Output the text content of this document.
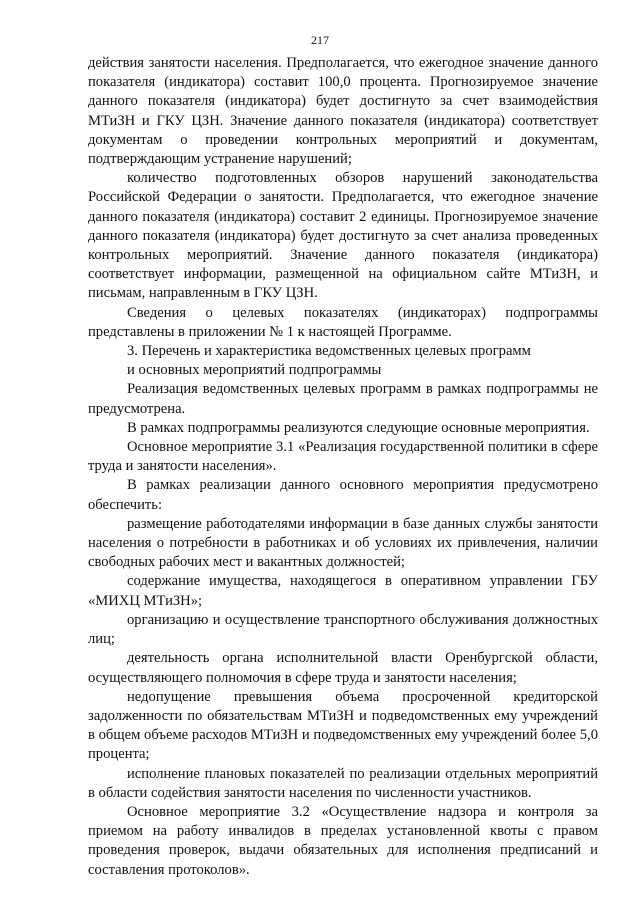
217

действия занятости населения. Предполагается, что ежегодное значение данного показателя (индикатора) составит 100,0 процента. Прогнозируемое значение данного показателя (индикатора) будет достигнуто за счет взаимодействия МТиЗН и ГКУ ЦЗН. Значение данного показателя (индикатора) соответствует документам о проведении контрольных мероприятий и документам, подтверждающим устранение нарушений;

количество подготовленных обзоров нарушений законодательства Российской Федерации о занятости. Предполагается, что ежегодное значение данного показателя (индикатора) составит 2 единицы. Прогнозируемое значение данного показателя (индикатора) будет достигнуто за счет анализа проведенных контрольных мероприятий. Значение данного показателя (индикатора) соответствует информации, размещенной на официальном сайте МТиЗН, и письмам, направленным в ГКУ ЦЗН.

Сведения о целевых показателях (индикаторах) подпрограммы представлены в приложении № 1 к настоящей Программе.

3. Перечень и характеристика ведомственных целевых программ
и основных мероприятий подпрограммы

Реализация ведомственных целевых программ в рамках подпрограммы не предусмотрена.

В рамках подпрограммы реализуются следующие основные мероприятия.

Основное мероприятие 3.1 «Реализация государственной политики в сфере труда и занятости населения».

В рамках реализации данного основного мероприятия предусмотрено обеспечить:

размещение работодателями информации в базе данных службы занятости населения о потребности в работниках и об условиях их привлечения, наличии свободных рабочих мест и вакантных должностей;

содержание имущества, находящегося в оперативном управлении ГБУ «МИХЦ МТиЗН»;

организацию и осуществление транспортного обслуживания должностных лиц;

деятельность органа исполнительной власти Оренбургской области, осуществляющего полномочия в сфере труда и занятости населения;

недопущение превышения объема просроченной кредиторской задолженности по обязательствам МТиЗН и подведомственных ему учреждений в общем объеме расходов МТиЗН и подведомственных ему учреждений более 5,0 процента;

исполнение плановых показателей по реализации отдельных мероприятий в области содействия занятости населения по численности участников.

Основное мероприятие 3.2 «Осуществление надзора и контроля за приемом на работу инвалидов в пределах установленной квоты с правом проведения проверок, выдачи обязательных для исполнения предписаний и составления протоколов».
